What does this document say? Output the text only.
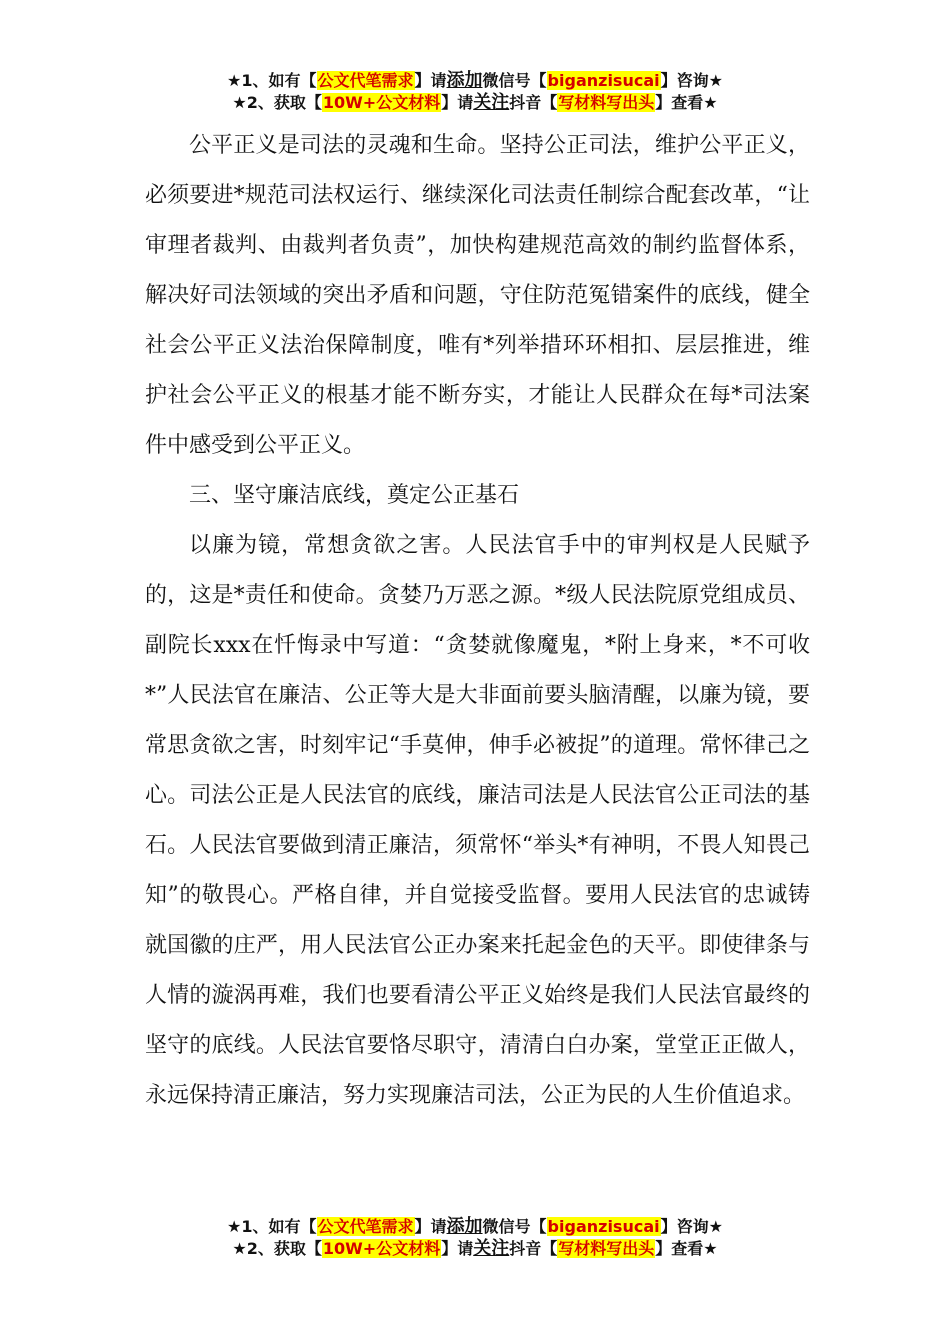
★1、如有【公文代笔需求】请添加微信号【biganzisucai】咨询★
★2、获取【10W+公文材料】请关注抖音【写材料写出头】查看★

公平正义是司法的灵魂和生命。坚持公正司法，维护公平正义，必须要进*规范司法权运行、继续深化司法责任制综合配套改革，“让审理者裁判、由裁判者负责”，加快构建规范高效的制约监督体系，解决好司法领域的突出矛盾和问题，守住防范冤错案件的底线，健全社会公平正义法治保障制度，唯有*列举措环环相扣、层层推进，维护社会公平正义的根基才能不断夯实，才能让人民群众在每*司法案件中感受到公平正义。

三、坚守廉洁底线，奠定公正基石

以廉为镜，常想贪欲之害。人民法官手中的审判权是人民赋予的，这是*责任和使命。贪婪乃万恶之源。*级人民法院原党组成员、副院长xxx在忏悔录中写道：“贪婪就像魔鬼，*附上身来，*不可收*”人民法官在廉洁、公正等大是大非面前要头脑清醒，以廉为镜，要常思贪欲之害，时刻牢记“手莫伸，伸手必被捉”的道理。常怀律己之心。司法公正是人民法官的底线，廉洁司法是人民法官公正司法的基石。人民法官要做到清正廉洁，须常怀“举头*有神明，不畏人知畏己知”的敬畏心。严格自律，并自觉接受监督。要用人民法官的忠诚铸就国徽的庄严，用人民法官公正办案来托起金色的天平。即使律条与人情的漩涡再难，我们也要看清公平正义始终是我们人民法官最终的坚守的底线。人民法官要恪尽职守，清清白白办案，堂堂正正做人，永远保持清正廉洁，努力实现廉洁司法，公正为民的人生价值追求。

★1、如有【公文代笔需求】请添加微信号【biganzisucai】咨询★
★2、获取【10W+公文材料】请关注抖音【写材料写出头】查看★
